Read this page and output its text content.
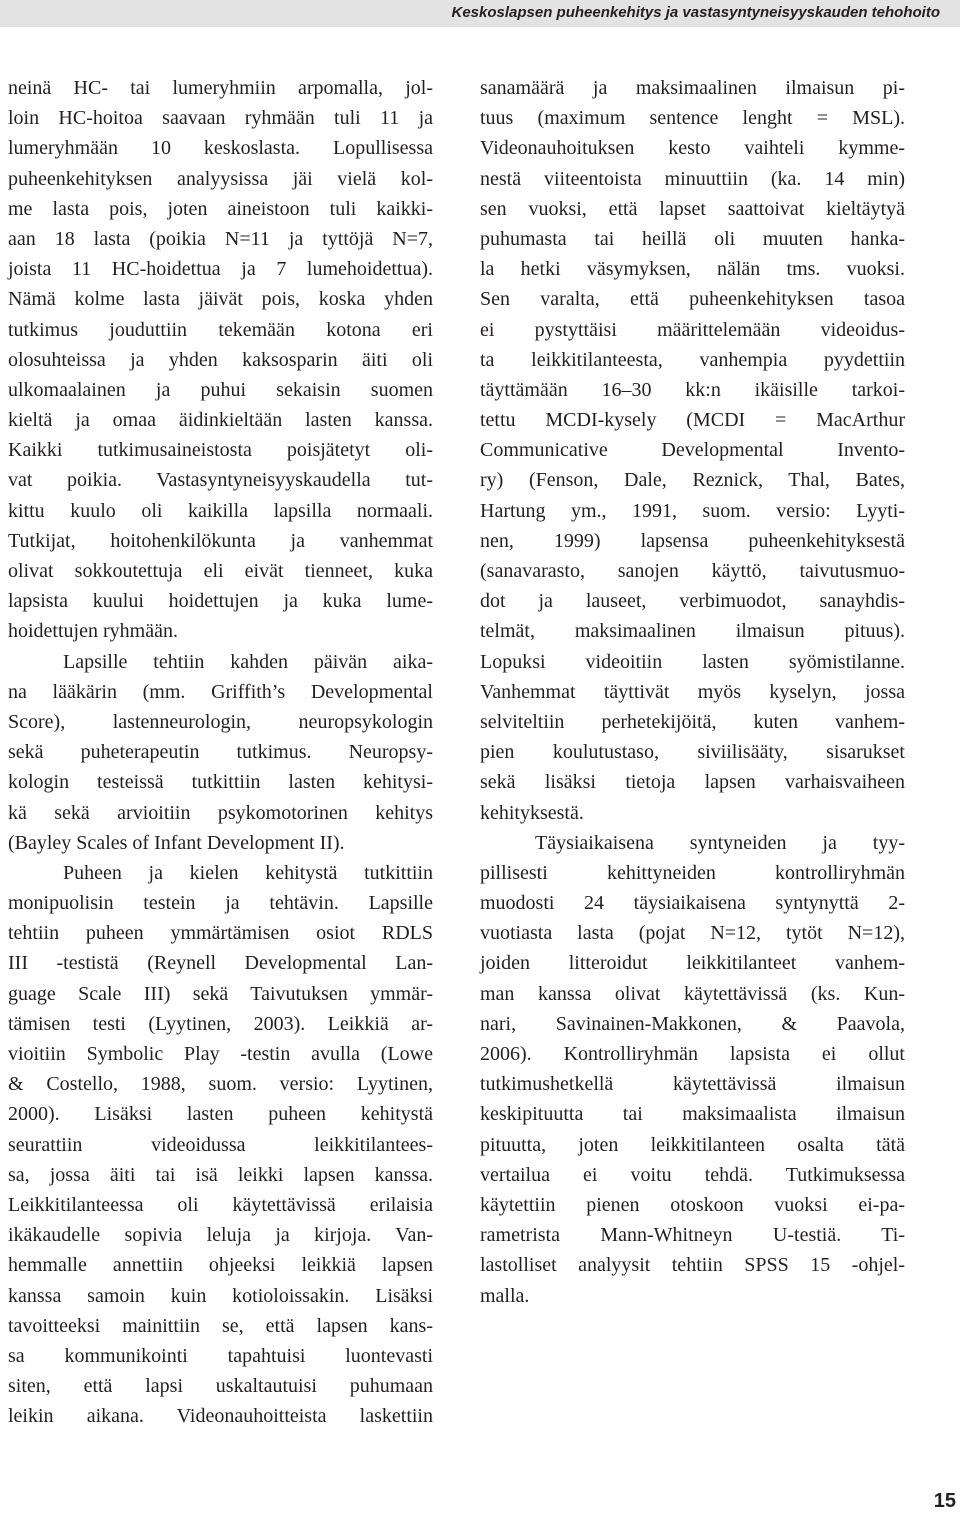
Keskoslapsen puheenkehitys ja vastasyntyneisyyskauden tehohoito
neinä HC- tai lumeryhmiin arpomalla, jol-
loin HC-hoitoa saavaan ryhmään tuli 11 ja
lumeryhmään 10 keskoslasta. Lopullisessa
puheenkehityksen analyysissa jäi vielä kol-
me lasta pois, joten aineistoon tuli kaikki-
aan 18 lasta (poikia N=11 ja tyttöjä N=7,
joista 11 HC-hoidettua ja 7 lumehoidettua).
Nämä kolme lasta jäivät pois, koska yhden
tutkimus jouduttiin tekemään kotona eri
olosuhteissa ja yhden kaksosparin äiti oli
ulkomaalainen ja puhui sekaisin suomen
kieltä ja omaa äidinkieltään lasten kanssa.
Kaikki tutkimusaineistosta poisjätetyt oli-
vat poikia. Vastasyntyneisyyskaudella tut-
kittu kuulo oli kaikilla lapsilla normaali.
Tutkijat, hoitohenkilökunta ja vanhemmat
olivat sokkoutettuja eli eivät tienneet, kuka
lapsista kuului hoidettujen ja kuka lume-
hoidettujen ryhmään.
Lapsille tehtiin kahden päivän aika-
na lääkärin (mm. Griffith’s Developmental
Score), lastenneurologin, neuropsykologin
sekä puheterapeutin tutkimus. Neuropsy-
kologin testeissä tutkittiin lasten kehitysi-
kä sekä arvioitiin psykomotorinen kehitys
(Bayley Scales of Infant Development II).
Puheen ja kielen kehitystä tutkittiin
monipuolisin testein ja tehtävin. Lapsille
tehtiin puheen ymmärtämisen osiot RDLS
III -testistä (Reynell Developmental Lan-
guage Scale III) sekä Taivutuksen ymmär-
tämisen testi (Lyytinen, 2003). Leikkiä ar-
vioitiin Symbolic Play -testin avulla (Lowe
& Costello, 1988, suom. versio: Lyytinen,
2000). Lisäksi lasten puheen kehitystä
seurattiin videoidussa leikkitilantees-
sa, jossa äiti tai isä leikki lapsen kanssa.
Leikkitilanteessa oli käytettävissä erilaisia
ikäkaudelle sopivia leluja ja kirjoja. Van-
hemmalle annettiin ohjeeksi leikkiä lapsen
kanssa samoin kuin kotioloissakin. Lisäksi
tavoitteeksi mainittiin se, että lapsen kans-
sa kommunikointi tapahtuisi luontevasti
siten, että lapsi uskaltautuisi puhumaan
leikin aikana. Videonauhoitteista laskettiin
sanamäärä ja maksimaalinen ilmaisun pi-
tuus (maximum sentence lenght = MSL).
Videonauhoituksen kesto vaihteli kymme-
nestä viiteentoista minuuttiin (ka. 14 min)
sen vuoksi, että lapset saattoivat kieltäytyä
puhumasta tai heillä oli muuten hanka-
la hetki väsymyksen, nälän tms. vuoksi.
Sen varalta, että puheenkehityksen tasoa
ei pystyttäisi määrittelemään videoidus-
ta leikkitilanteesta, vanhempia pyydettiin
täyttämään 16–30 kk:n ikäisille tarkoi-
tettu MCDI-kysely (MCDI = MacArthur
Communicative Developmental Invento-
ry) (Fenson, Dale, Reznick, Thal, Bates,
Hartung ym., 1991, suom. versio: Lyyti-
nen, 1999) lapsensa puheenkehityksestä
(sanavarasto, sanojen käyttö, taivutusmuo-
dot ja lauseet, verbimuodot, sanayhdis-
telmät, maksimaalinen ilmaisun pituus).
Lopuksi videoitiin lasten syömistilanne.
Vanhemmat täyttivät myös kyselyn, jossa
selviteltiin perhetekijöitä, kuten vanhem-
pien koulutustaso, siviilisääty, sisarukset
sekä lisäksi tietoja lapsen varhaisvaiheen
kehityksestä.
Täysiaikaisena syntyneiden ja tyy-
pillisesti kehittyneiden kontrolliryhmän
muodosti 24 täysiaikaisena syntynyttä 2-
vuotiasta lasta (pojat N=12, tytöt N=12),
joiden litteroidut leikkitilanteet vanhem-
man kanssa olivat käytettävissä (ks. Kun-
nari, Savinainen-Makkonen, & Paavola,
2006). Kontrolliryhmän lapsista ei ollut
tutkimushetkellä käytettävissä ilmaisun
keskipituutta tai maksimaalista ilmaisun
pituutta, joten leikkitilanteen osalta tätä
vertailua ei voitu tehdä. Tutkimuksessa
käytettiin pienen otoskoon vuoksi ei-pa-
rametrista Mann-Whitneyn U-testiä. Ti-
lastolliset analyysit tehtiin SPSS 15 -ohjel-
malla.
15
